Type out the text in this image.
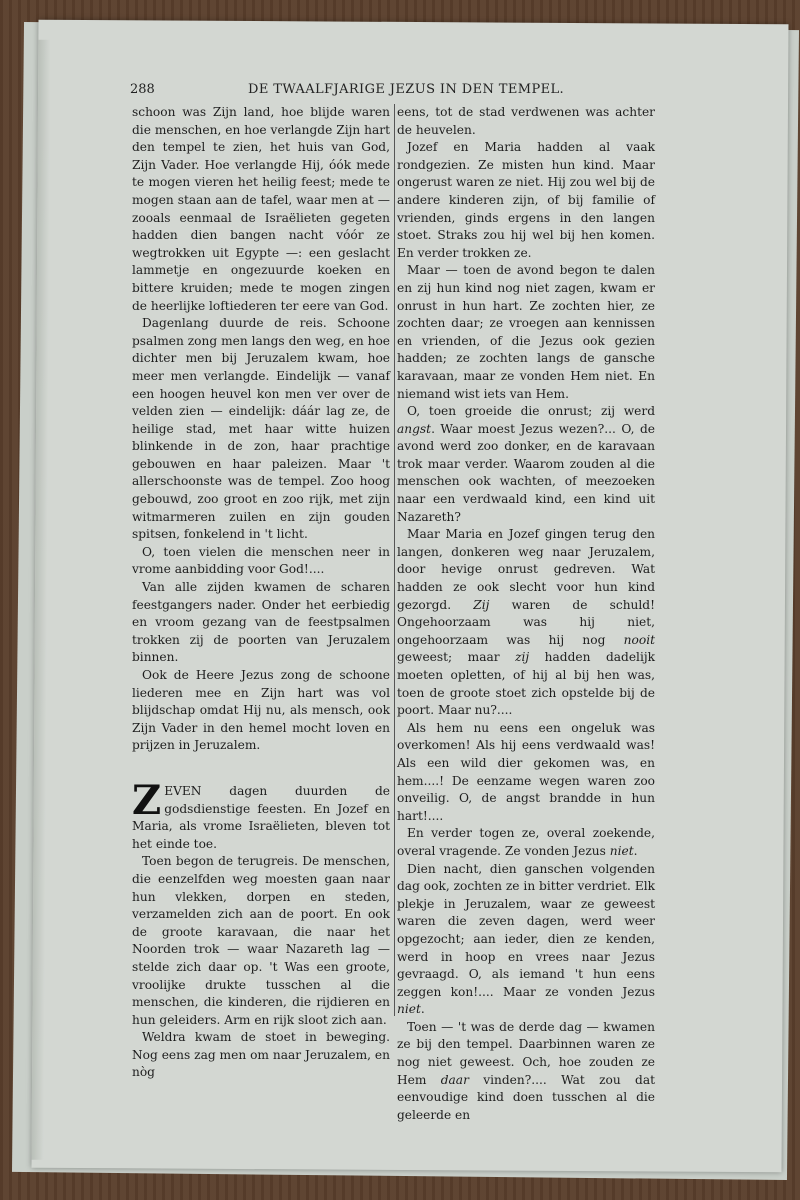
288	DE TWAALFJARIGE JEZUS IN DEN TEMPEL.

schoon was Zijn land, hoe blijde waren die menschen, en hoe verlangde Zijn hart den tempel te zien, het huis van God, Zijn Vader. Hoe verlangde Hij, óók mede te mogen vieren het heilig feest; mede te mogen staan aan de tafel, waar men at — zooals eenmaal de Israëlieten gegeten hadden dien bangen nacht vóór ze wegtrokken uit Egypte —: een geslacht lammetje en ongezuurde koeken en bittere kruiden; mede te mogen zingen de heerlijke loftiederen ter eere van God.

Dagenlang duurde de reis. Schoone psalmen zong men langs den weg, en hoe dichter men bij Jeruzalem kwam, hoe meer men verlangde. Eindelijk — vanaf een hoogen heuvel kon men ver over de velden zien — eindelijk: dáár lag ze, de heilige stad, met haar witte huizen blinkende in de zon, haar prachtige gebouwen en haar paleizen. Maar 't allerschoonste was de tempel. Zoo hoog gebouwd, zoo groot en zoo rijk, met zijn witmarmeren zuilen en zijn gouden spitsen, fonkelend in 't licht.

O, toen vielen die menschen neer in vrome aanbidding voor God!....

Van alle zijden kwamen de scharen feestgangers nader. Onder het eerbiedig en vroom gezang van de feestpsalmen trokken zij de poorten van Jeruzalem binnen.

Ook de Heere Jezus zong de schoone liederen mee en Zijn hart was vol blijdschap omdat Hij nu, als mensch, ook Zijn Vader in den hemel mocht loven en prijzen in Jeruzalem.

ZEVEN dagen duurden de godsdienstige feesten. En Jozef en Maria, als vrome Israëlieten, bleven tot het einde toe.

Toen begon de terugreis. De menschen, die eenzelfden weg moesten gaan naar hun vlekken, dorpen en steden, verzamelden zich aan de poort. En ook de groote karavaan, die naar het Noorden trok — waar Nazareth lag — stelde zich daar op. 't Was een groote, vroolijke drukte tusschen al die menschen, die kinderen, die rijdieren en hun geleiders. Arm en rijk sloot zich aan.

Weldra kwam de stoet in beweging. Nog eens zag men om naar Jeruzalem, en nòg

eens, tot de stad verdwenen was achter de heuvelen.

Jozef en Maria hadden al vaak rondgezien. Ze misten hun kind. Maar ongerust waren ze niet. Hij zou wel bij de andere kinderen zijn, of bij familie of vrienden, ginds ergens in den langen stoet. Straks zou hij wel bij hen komen. En verder trokken ze.

Maar — toen de avond begon te dalen en zij hun kind nog niet zagen, kwam er onrust in hun hart. Ze zochten hier, ze zochten daar; ze vroegen aan kennissen en vrienden, of die Jezus ook gezien hadden; ze zochten langs de gansche karavaan, maar ze vonden Hem niet. En niemand wist iets van Hem.

O, toen groeide die onrust; zij werd angst. Waar moest Jezus wezen?... O, de avond werd zoo donker, en de karavaan trok maar verder. Waarom zouden al die menschen ook wachten, of meezoeken naar een verdwaald kind, een kind uit Nazareth?

Maar Maria en Jozef gingen terug den langen, donkeren weg naar Jeruzalem, door hevige onrust gedreven. Wat hadden ze ook slecht voor hun kind gezorgd. Zij waren de schuld! Ongehoorzaam was hij niet, ongehoorzaam was hij nog nooit geweest; maar zij hadden dadelijk moeten opletten, of hij al bij hen was, toen de groote stoet zich opstelde bij de poort. Maar nu?....

Als hem nu eens een ongeluk was overkomen! Als hij eens verdwaald was! Als een wild dier gekomen was, en hem....! De eenzame wegen waren zoo onveilig. O, de angst brandde in hun hart!....

En verder togen ze, overal zoekende, overal vragende. Ze vonden Jezus niet.

Dien nacht, dien ganschen volgenden dag ook, zochten ze in bitter verdriet. Elk plekje in Jeruzalem, waar ze geweest waren die zeven dagen, werd weer opgezocht; aan ieder, dien ze kenden, werd in hoop en vrees naar Jezus gevraagd. O, als iemand 't hun eens zeggen kon!.... Maar ze vonden Jezus niet.

Toen — 't was de derde dag — kwamen ze bij den tempel. Daarbinnen waren ze nog niet geweest. Och, hoe zouden ze Hem daar vinden?.... Wat zou dat eenvoudige kind doen tusschen al die geleerde en
